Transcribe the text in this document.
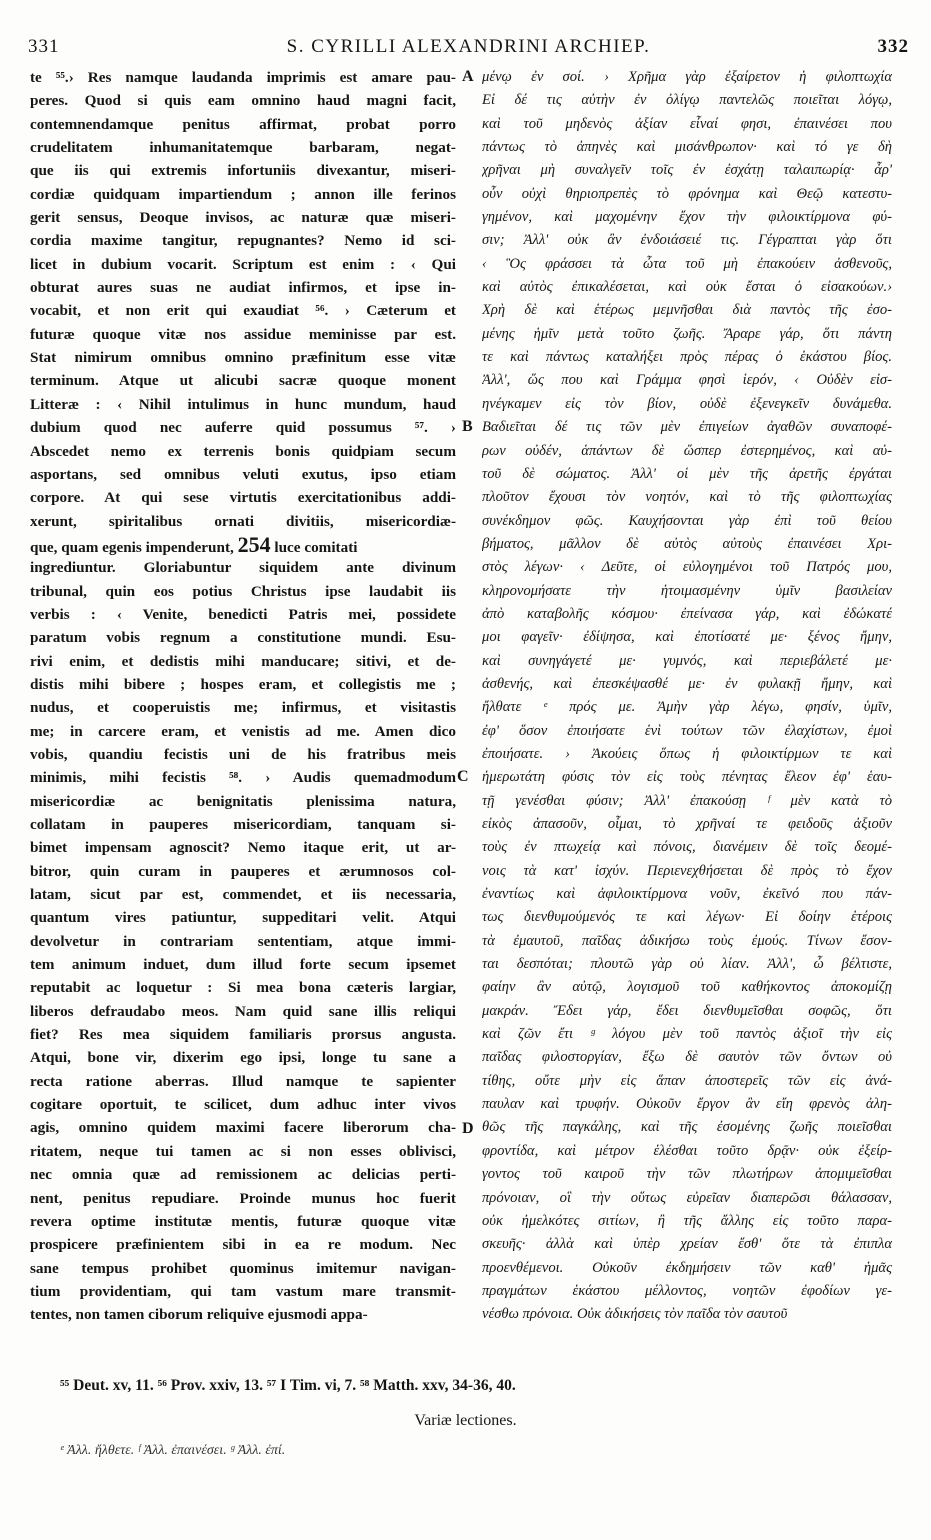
331	S. CYRILLI ALEXANDRINI ARCHIEP.	332
te ⁵⁵.› Res namque laudanda imprimis est amare pau-
peres. Quod si quis eam omnino haud magni facit,
contemnendamque penitus affirmat, probat porro
crudelitatem inhumanitatemque barbaram, negat-
que iis qui extremis infortuniis divexantur, miseri-
cordiæ quidquam impartiendum ; annon ille ferinos
gerit sensus, Deoque invisos, ac naturæ quæ miseri-
cordia maxime tangitur, repugnantes? Nemo id sci-
licet in dubium vocarit. Scriptum est enim : ‹ Qui
obturat aures suas ne audiat infirmos, et ipse in-
vocabit, et non erit qui exaudiat ⁵⁶. › Cæterum et
futuræ quoque vitæ nos assidue meminisse par est.
Stat nimirum omnibus omnino præfinitum esse vitæ
terminum. Atque ut alicubi sacræ quoque monent
Litteræ : ‹ Nihil intulimus in hunc mundum, haud
dubium quod nec auferre quid possumus ⁵⁷. ›
Abscedet nemo ex terrenis bonis quidpiam secum
asportans, sed omnibus veluti exutus, ipso etiam
corpore. At qui sese virtutis exercitationibus addi-
xerunt, spiritalibus ornati divitiis, misericordiæ-
que, quam egenis impenderunt, 254 luce comitati
ingrediuntur. Gloriabuntur siquidem ante divinum
tribunal, quin eos potius Christus ipse laudabit iis
verbis : ‹ Venite, benedicti Patris mei, possidete
paratum vobis regnum a constitutione mundi. Esu-
rivi enim, et dedistis mihi manducare; sitivi, et de-
distis mihi bibere ; hospes eram, et collegistis me ;
nudus, et cooperuistis me; infirmus, et visitastis
me; in carcere eram, et venistis ad me. Amen dico
vobis, quandiu fecistis uni de his fratribus meis
minimis, mihi fecistis ⁵⁸. › Audis quemadmodum
misericordiæ ac benignitatis plenissima natura,
collatam in pauperes misericordiam, tanquam si-
bimet impensam agnoscit? Nemo itaque erit, ut ar-
bitror, quin curam in pauperes et ærumnosos col-
latam, sicut par est, commendet, et iis necessaria,
quantum vires patiuntur, suppeditari velit. Atqui
devolvetur in contrariam sententiam, atque immi-
tem animum induet, dum illud forte secum ipsemet
reputabit ac loquetur : Si mea bona cæteris largiar,
liberos defraudabo meos. Nam quid sane illis reliqui
fiet? Res mea siquidem familiaris prorsus angusta.
Atqui, bone vir, dixerim ego ipsi, longe tu sane a
recta ratione aberras. Illud namque te sapienter
cogitare oportuit, te scilicet, dum adhuc inter vivos
agis, omnino quidem maximi facere liberorum cha-
ritatem, neque tui tamen ac si non esses oblivisci,
nec omnia quæ ad remissionem ac delicias perti-
nent, penitus repudiare. Proinde munus hoc fuerit
revera optime institutæ mentis, futuræ quoque vitæ
prospicere præfinientem sibi in ea re modum. Nec
sane tempus prohibet quominus imitemur navigan-
tium providentiam, qui tam vastum mare transmit-
tentes, non tamen ciborum reliquive ejusmodi appa-
A
B
C
D
μένῳ ἐν σοί. › Χρῆμα γὰρ ἐξαίρετον ἡ φιλοπτωχία
Εἰ δέ τις αὐτὴν ἐν ὀλίγῳ παντελῶς ποιεῖται λόγῳ,
καὶ τοῦ μηδενὸς ἀξίαν εἶναί φησι, ἐπαινέσει που
πάντως τὸ ἀπηνὲς καὶ μισάνθρωπον· καὶ τό γε δὴ
χρῆναι μὴ συναλγεῖν τοῖς ἐν ἐσχάτῃ ταλαιπωρίᾳ· ἆρ'
οὖν οὐχὶ θηριοπρεπὲς τὸ φρόνημα καὶ Θεῷ κατεστυ-
γημένον, καὶ μαχομένην ἔχον τὴν φιλοικτίρμονα φύ-
σιν; Ἀλλ' οὐκ ἂν ἐνδοιάσειέ τις. Γέγραπται γὰρ ὅτι
‹ Ὃς φράσσει τὰ ὦτα τοῦ μὴ ἐπακούειν ἀσθενοῦς,
καὶ αὐτὸς ἐπικαλέσεται, καὶ οὐκ ἔσται ὁ εἰσακούων.›
Χρὴ δὲ καὶ ἑτέρως μεμνῆσθαι διὰ παντὸς τῆς ἐσο-
μένης ἡμῖν μετὰ τοῦτο ζωῆς. Ἄραρε γάρ, ὅτι πάντη
τε καὶ πάντως καταλήξει πρὸς πέρας ὁ ἑκάστου βίος.
Ἀλλ', ὥς που καὶ Γράμμα φησὶ ἱερόν, ‹ Οὐδὲν εἰσ-
ηνέγκαμεν εἰς τὸν βίον, οὐδὲ ἐξενεγκεῖν δυνάμεθα.
Βαδιεῖται δέ τις τῶν μὲν ἐπιγείων ἀγαθῶν συναποφέ-
ρων οὐδέν, ἁπάντων δὲ ὥσπερ ἐστερημένος, καὶ αὐ-
τοῦ δὲ σώματος. Ἀλλ' οἱ μὲν τῆς ἀρετῆς ἐργάται
πλοῦτον ἔχουσι τὸν νοητόν, καὶ τὸ τῆς φιλοπτωχίας
συνέκδημον φῶς. Καυχήσονται γὰρ ἐπὶ τοῦ θείου
βήματος, μᾶλλον δὲ αὐτὸς αὐτοὺς ἐπαινέσει Χρι-
στὸς λέγων· ‹ Δεῦτε, οἱ εὐλογημένοι τοῦ Πατρός μου,
κληρονομήσατε τὴν ἡτοιμασμένην ὑμῖν βασιλείαν
ἀπὸ καταβολῆς κόσμου· ἐπείνασα γάρ, καὶ ἐδώκατέ
μοι φαγεῖν· ἐδίψησα, καὶ ἐποτίσατέ με· ξένος ἤμην,
καὶ συνηγάγετέ με· γυμνός, καὶ περιεβάλετέ με·
ἀσθενής, καὶ ἐπεσκέψασθέ με· ἐν φυλακῇ ἤμην, καὶ
ἤλθατε ᵉ πρός με. Ἀμὴν γὰρ λέγω, φησίν, ὑμῖν,
ἐφ' ὅσον ἐποιήσατε ἑνὶ τούτων τῶν ἐλαχίστων, ἐμοὶ
ἐποιήσατε. › Ἀκούεις ὅπως ἡ φιλοικτίρμων τε καὶ
ἡμερωτάτη φύσις τὸν εἰς τοὺς πένητας ἔλεον ἐφ' ἑαυ-
τῇ γενέσθαι φύσιν; Ἀλλ' ἐπακούσῃ ᶠ μὲν κατὰ τὸ
εἰκὸς ἁπασοῦν, οἶμαι, τὸ χρῆναί τε φειδοῦς ἀξιοῦν
τοὺς ἐν πτωχείᾳ καὶ πόνοις, διανέμειν δὲ τοῖς δεομέ-
νοις τὰ κατ' ἰσχύν. Περιενεχθήσεται δὲ πρὸς τὸ ἔχον
ἐναντίως καὶ ἀφιλοικτίρμονα νοῦν, ἐκεῖνό που πάν-
τως διενθυμούμενός τε καὶ λέγων· Εἰ δοίην ἑτέροις
τὰ ἐμαυτοῦ, παῖδας ἀδικήσω τοὺς ἐμούς. Τίνων ἔσον-
ται δεσπόται; πλουτῶ γὰρ οὐ λίαν. Ἀλλ', ὦ βέλτιστε,
φαίην ἂν αὐτῷ, λογισμοῦ τοῦ καθήκοντος ἀποκομίζῃ
μακράν. Ἔδει γάρ, ἔδει διενθυμεῖσθαι σοφῶς, ὅτι
καὶ ζῶν ἔτι ᵍ λόγου μὲν τοῦ παντὸς ἀξιοῖ τὴν εἰς
παῖδας φιλοστοργίαν, ἔξω δὲ σαυτὸν τῶν ὄντων οὐ
τίθης, οὔτε μὴν εἰς ἅπαν ἀποστερεῖς τῶν εἰς ἀνά-
παυλαν καὶ τρυφήν. Οὐκοῦν ἔργον ἂν εἴη φρενὸς ἀλη-
θῶς τῆς παγκάλης, καὶ τῆς ἐσομένης ζωῆς ποιεῖσθαι
φροντίδα, καὶ μέτρον ἑλέσθαι τοῦτο δρᾷν· οὐκ ἐξείρ-
γοντος τοῦ καιροῦ τὴν τῶν πλωτήρων ἀπομιμεῖσθαι
πρόνοιαν, οἳ τὴν οὕτως εὐρεῖαν διαπερῶσι θάλασσαν,
οὐκ ἠμελκότες σιτίων, ἢ τῆς ἄλλης εἰς τοῦτο παρα-
σκευῆς· ἀλλὰ καὶ ὑπὲρ χρείαν ἔσθ' ὅτε τὰ ἐπιπλα
προενθέμενοι. Οὐκοῦν ἐκδημήσειν τῶν καθ' ἡμᾶς
πραγμάτων ἑκάστου μέλλοντος, νοητῶν ἐφοδίων γε-
νέσθω πρόνοια. Οὐκ ἀδικήσεις τὸν παῖδα τὸν σαυτοῦ
⁵⁵ Deut. xv, 11. ⁵⁶ Prov. xxiv, 13. ⁵⁷ I Tim. vi, 7. ⁵⁸ Matth. xxv, 34-36, 40.
Variæ lectiones.
ᵉ Ἀλλ. ἤλθετε. ᶠ Ἀλλ. ἐπαινέσει. ᵍ Ἀλλ. ἐπί.
